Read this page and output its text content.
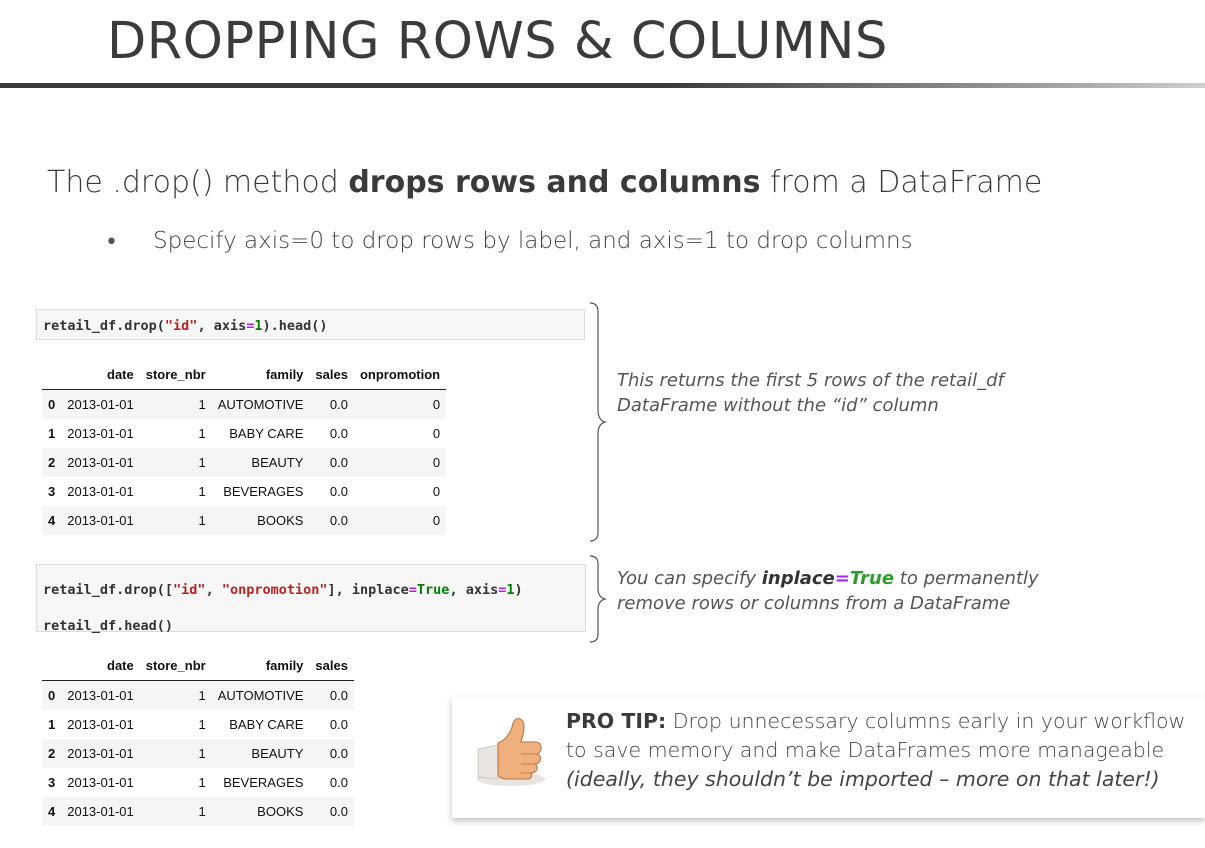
DROPPING ROWS & COLUMNS
The .drop() method drops rows and columns from a DataFrame
• Specify axis=0 to drop rows by label, and axis=1 to drop columns
retail_df.drop("id", axis=1).head()
	date	store_nbr	family	sales	onpromotion
0	2013-01-01	1	AUTOMOTIVE	0.0	0
1	2013-01-01	1	BABY CARE	0.0	0
2	2013-01-01	1	BEAUTY	0.0	0
3	2013-01-01	1	BEVERAGES	0.0	0
4	2013-01-01	1	BOOKS	0.0	0
This returns the first 5 rows of the retail_df
DataFrame without the “id” column
retail_df.drop(["id", "onpromotion"], inplace=True, axis=1)
retail_df.head()
You can specify inplace=True to permanently
remove rows or columns from a DataFrame
	date	store_nbr	family	sales
0	2013-01-01	1	AUTOMOTIVE	0.0
1	2013-01-01	1	BABY CARE	0.0
2	2013-01-01	1	BEAUTY	0.0
3	2013-01-01	1	BEVERAGES	0.0
4	2013-01-01	1	BOOKS	0.0
PRO TIP: Drop unnecessary columns early in your workflow
to save memory and make DataFrames more manageable
(ideally, they shouldn’t be imported – more on that later!)
